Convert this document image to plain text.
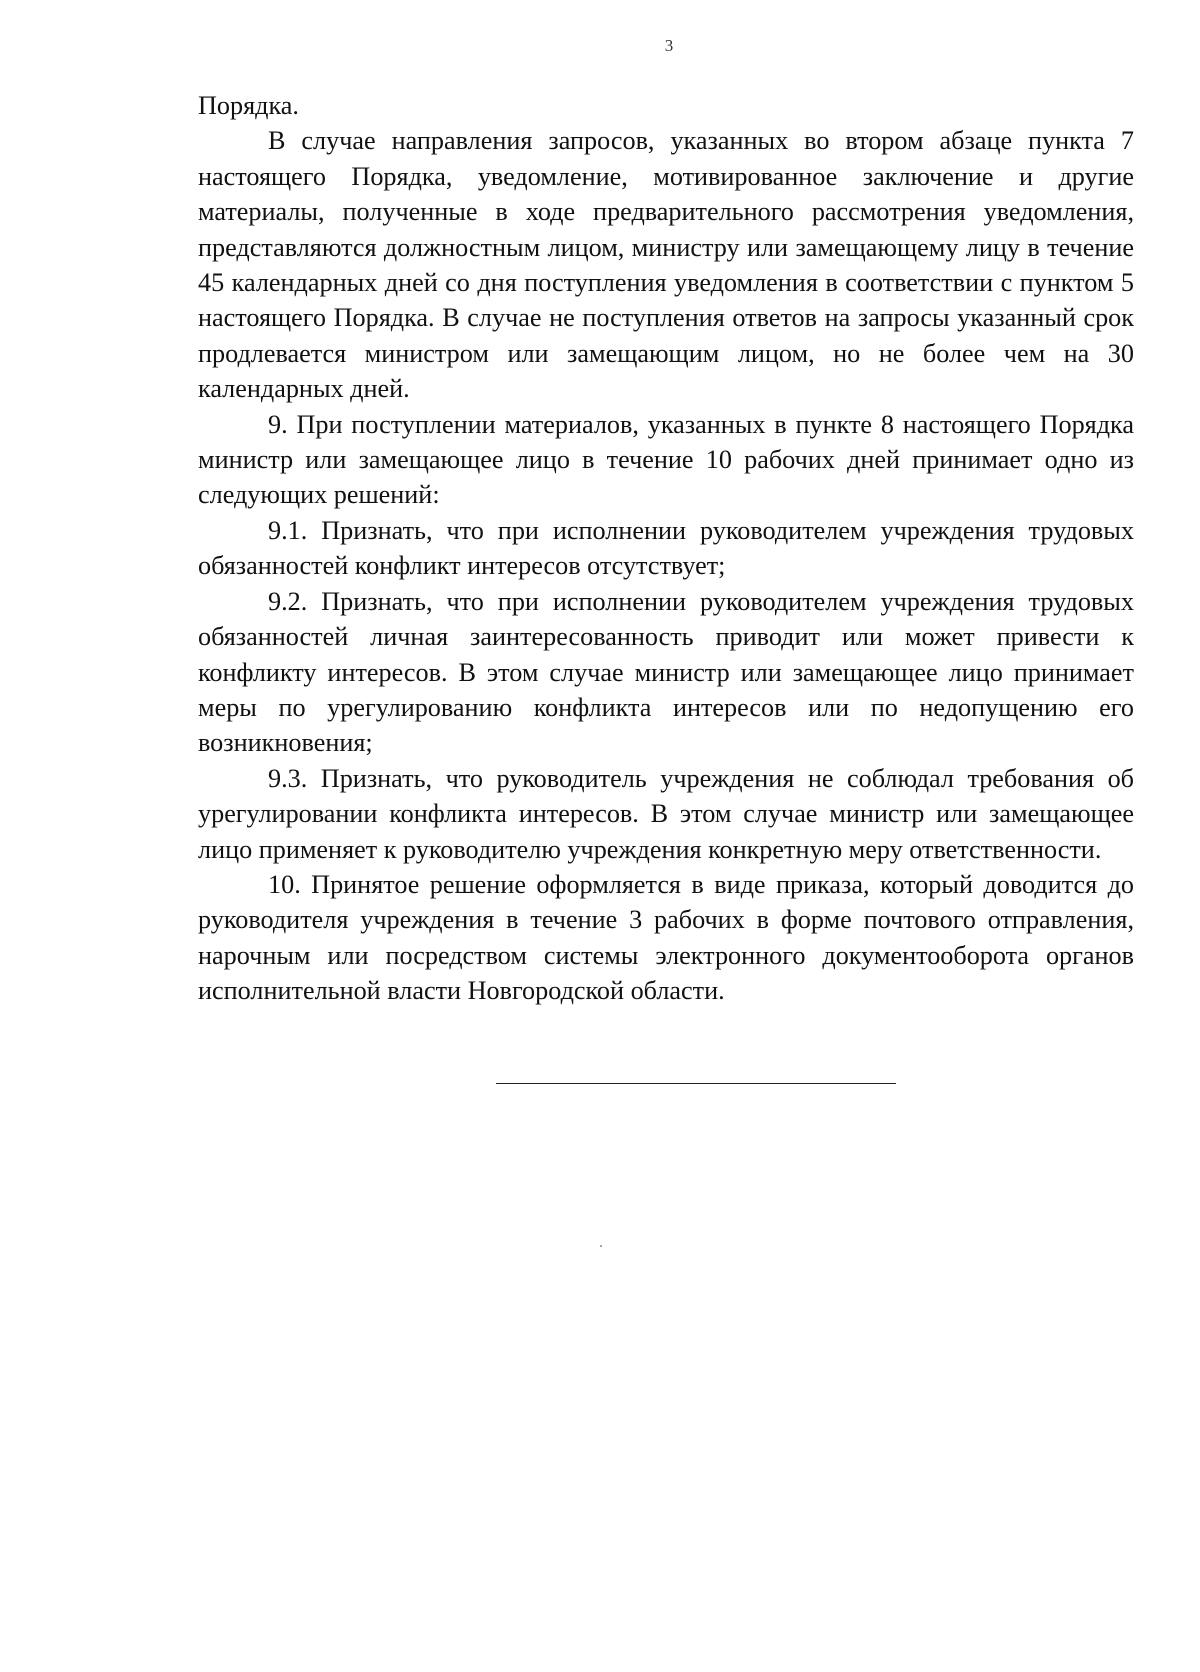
3

Порядка.

В случае направления запросов, указанных во втором абзаце пункта 7 настоящего Порядка, уведомление, мотивированное заключение и другие материалы, полученные в ходе предварительного рассмотрения уведомления, представляются должностным лицом, министру или замещающему лицу в течение 45 календарных дней со дня поступления уведомления в соответствии с пунктом 5 настоящего Порядка. В случае не поступления ответов на запросы указанный срок продлевается министром или замещающим лицом, но не более чем на 30 календарных дней.

9. При поступлении материалов, указанных в пункте 8 настоящего Порядка министр или замещающее лицо в течение 10 рабочих дней принимает одно из следующих решений:

9.1. Признать, что при исполнении руководителем учреждения трудовых обязанностей конфликт интересов отсутствует;

9.2. Признать, что при исполнении руководителем учреждения трудовых обязанностей личная заинтересованность приводит или может привести к конфликту интересов. В этом случае министр или замещающее лицо принимает меры по урегулированию конфликта интересов или по недопущению его возникновения;

9.3. Признать, что руководитель учреждения не соблюдал требования об урегулировании конфликта интересов. В этом случае министр или замещающее лицо применяет к руководителю учреждения конкретную меру ответственности.

10. Принятое решение оформляется в виде приказа, который доводится до руководителя учреждения в течение 3 рабочих в форме почтового отправления, нарочным или посредством системы электронного документооборота органов исполнительной власти Новгородской области.
